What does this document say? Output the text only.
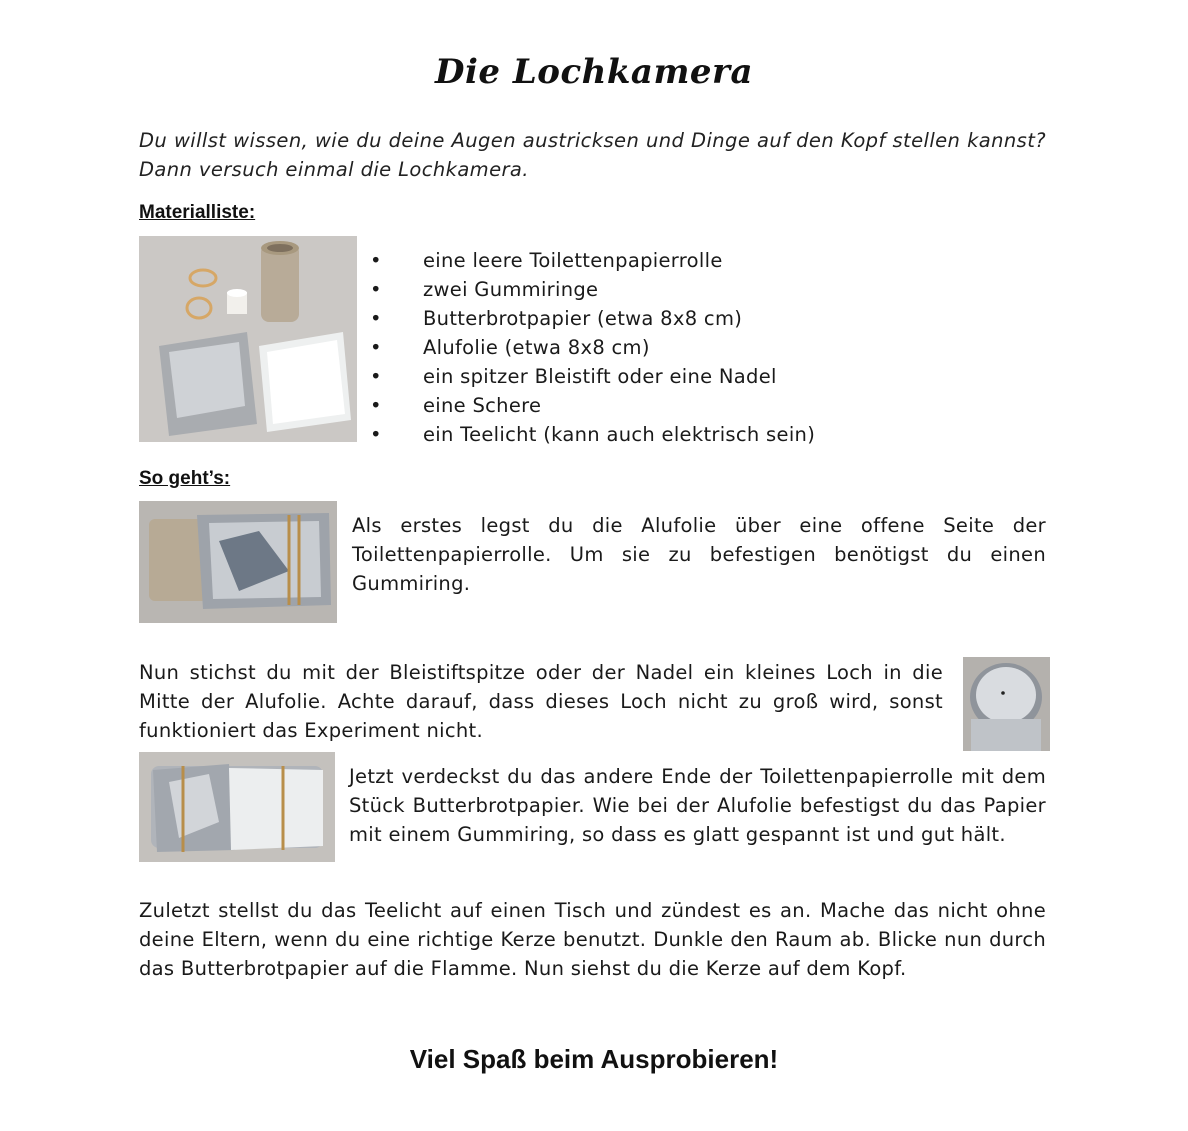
Die Lochkamera
Du willst wissen, wie du deine Augen austricksen und Dinge auf den Kopf stellen kannst? Dann versuch einmal die Lochkamera.
Materialliste:
• eine leere Toilettenpapierrolle
• zwei Gummiringe
• Butterbrotpapier (etwa 8x8 cm)
• Alufolie (etwa 8x8 cm)
• ein spitzer Bleistift oder eine Nadel
• eine Schere
• ein Teelicht (kann auch elektrisch sein)
So geht’s:
Als erstes legst du die Alufolie über eine offene Seite der Toilettenpapierrolle. Um sie zu befestigen benötigst du einen Gummiring.
Nun stichst du mit der Bleistiftspitze oder der Nadel ein kleines Loch in die Mitte der Alufolie. Achte darauf, dass dieses Loch nicht zu groß wird, sonst funktioniert das Experiment nicht.
Jetzt verdeckst du das andere Ende der Toilettenpapierrolle mit dem Stück Butterbrotpapier. Wie bei der Alufolie befestigst du das Papier mit einem Gummiring, so dass es glatt gespannt ist und gut hält.
Zuletzt stellst du das Teelicht auf einen Tisch und zündest es an. Mache das nicht ohne deine Eltern, wenn du eine richtige Kerze benutzt. Dunkle den Raum ab. Blicke nun durch das Butterbrotpapier auf die Flamme. Nun siehst du die Kerze auf dem Kopf.
Viel Spaß beim Ausprobieren!
